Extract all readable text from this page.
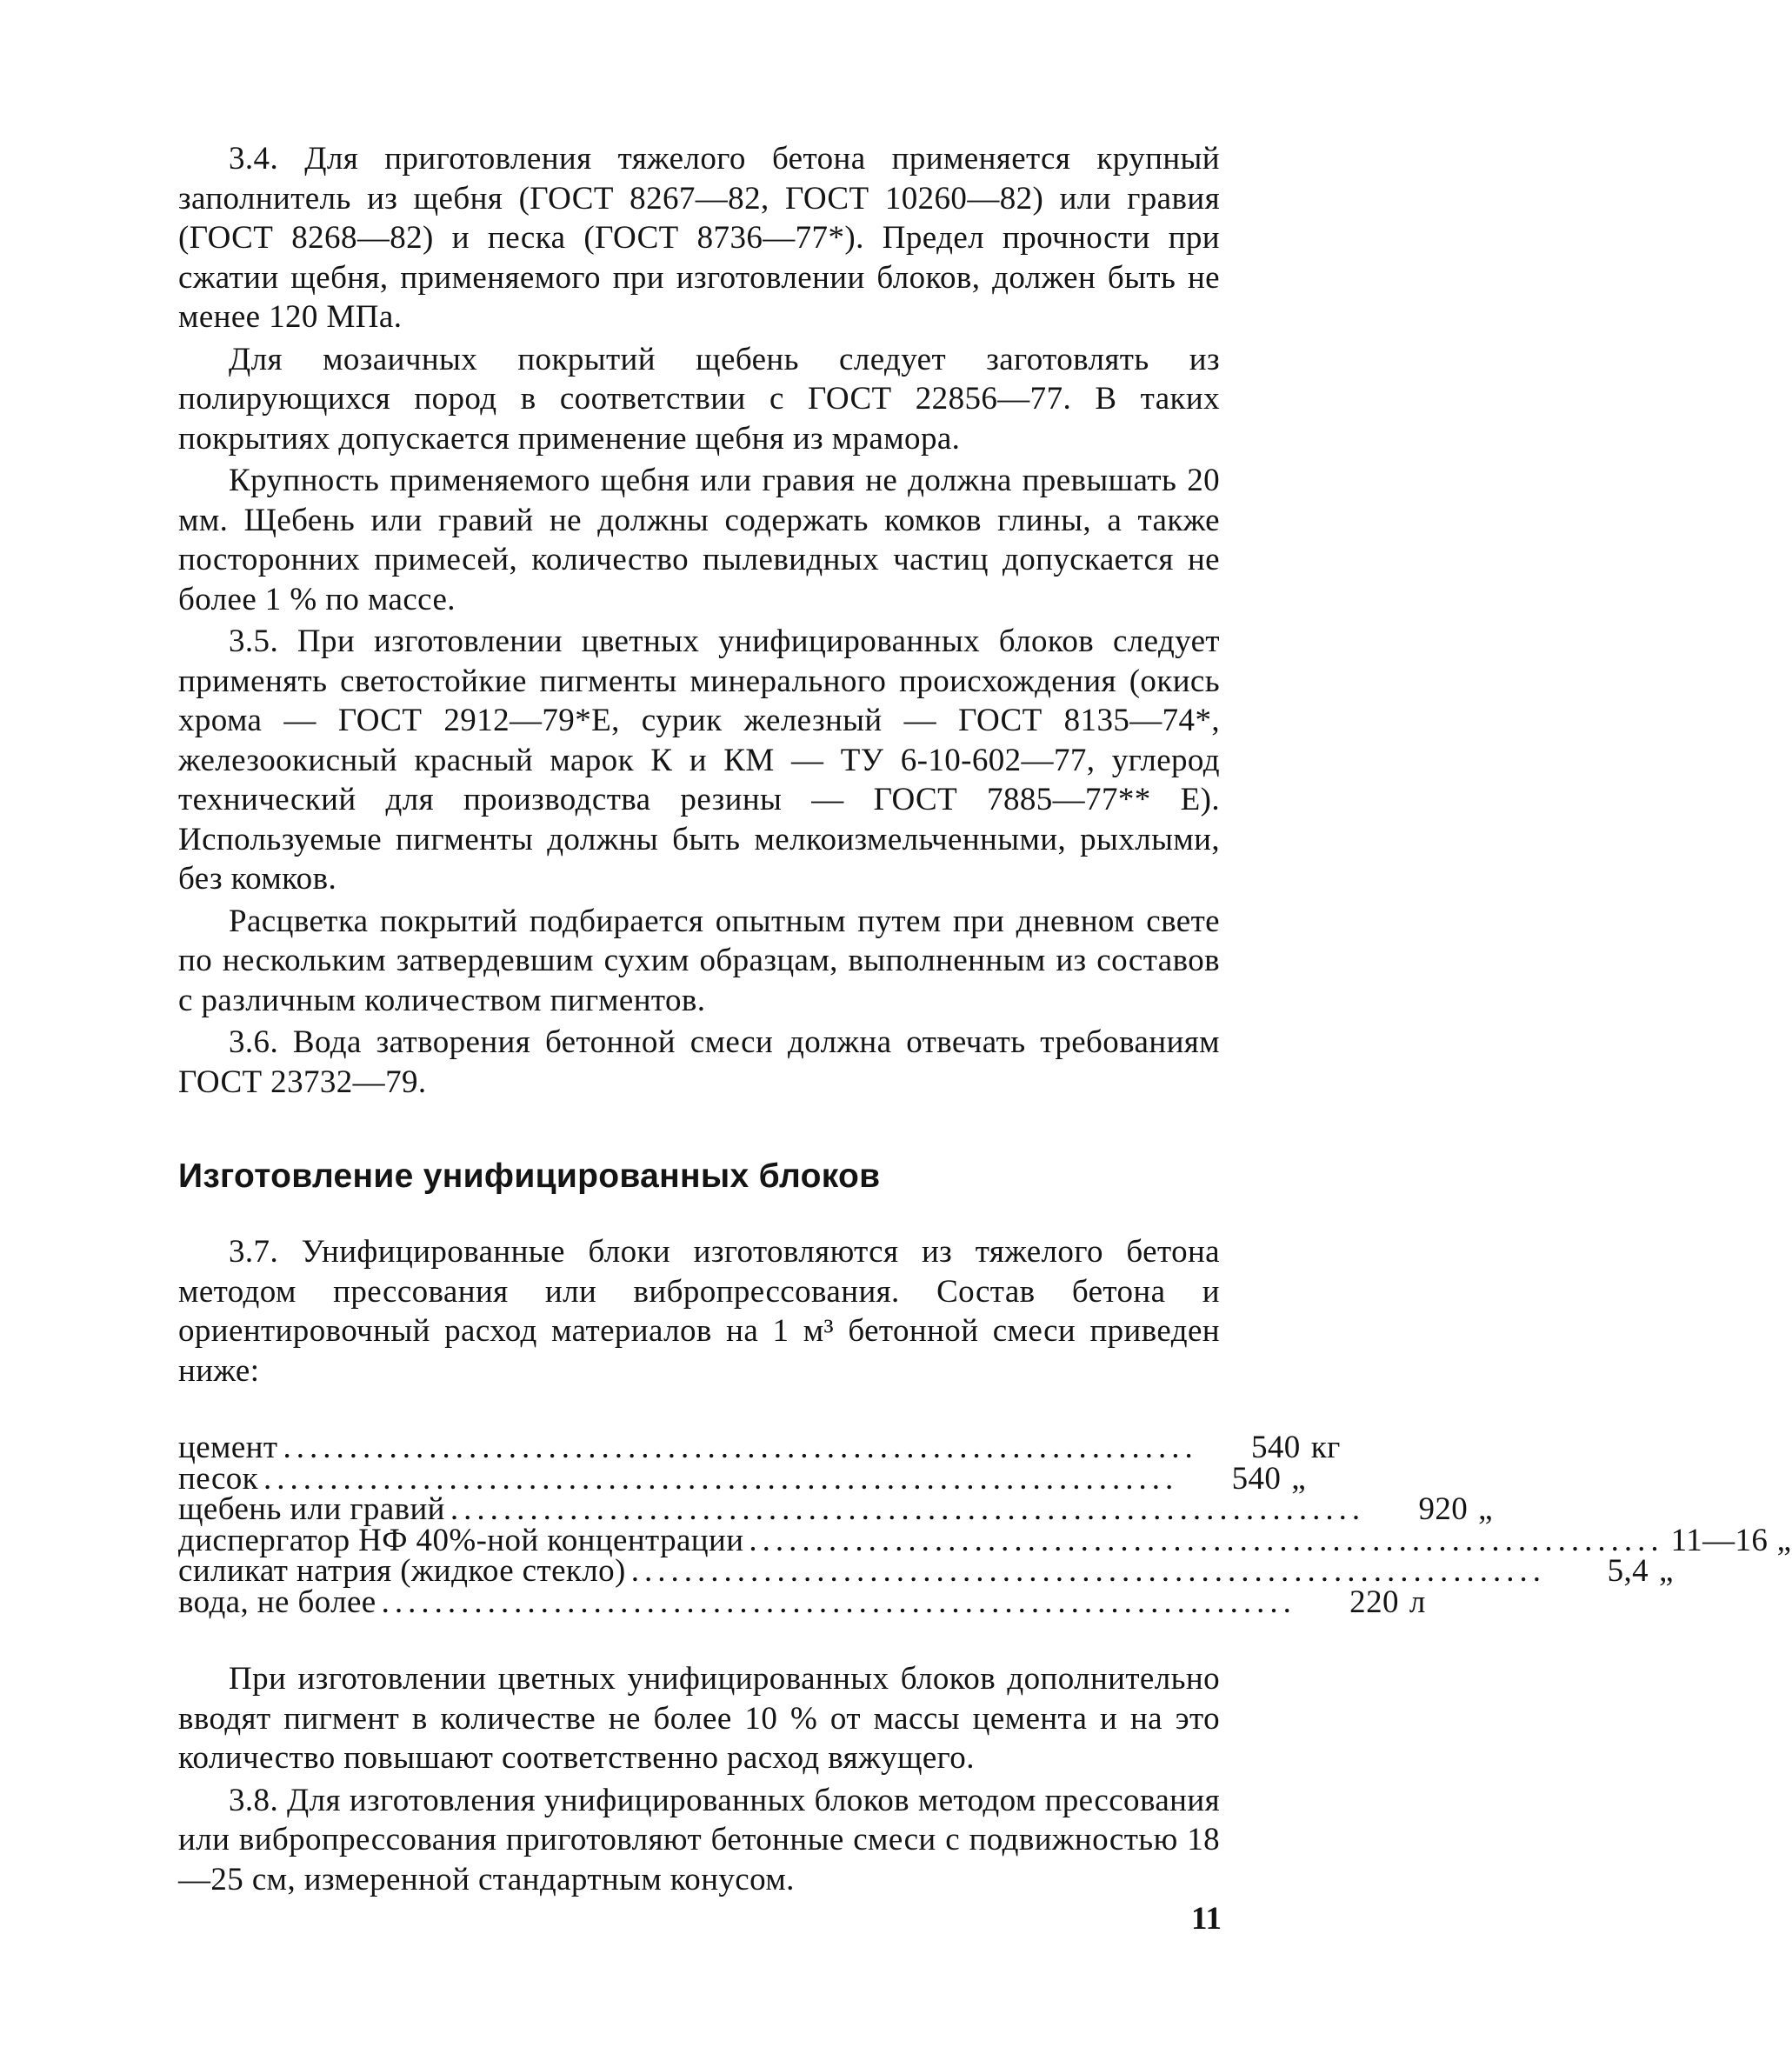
3.4. Для приготовления тяжелого бетона применяется крупный заполнитель из щебня (ГОСТ 8267—82, ГОСТ 10260—82) или гравия (ГОСТ 8268—82) и песка (ГОСТ 8736—77*). Предел прочности при сжатии щебня, применяемого при изготовлении блоков, должен быть не менее 120 МПа.

Для мозаичных покрытий щебень следует заготовлять из полирующихся пород в соответствии с ГОСТ 22856—77. В таких покрытиях допускается применение щебня из мрамора.

Крупность применяемого щебня или гравия не должна превышать 20 мм. Щебень или гравий не должны содержать комков глины, а также посторонних примесей, количество пылевидных частиц допускается не более 1 % по массе.

3.5. При изготовлении цветных унифицированных блоков следует применять светостойкие пигменты минерального происхождения (окись хрома — ГОСТ 2912—79*Е, сурик железный — ГОСТ 8135—74*, железоокисный красный марок К и КМ — ТУ 6-10-602—77, углерод технический для производства резины — ГОСТ 7885—77** Е). Используемые пигменты должны быть мелкоизмельченными, рыхлыми, без комков.

Расцветка покрытий подбирается опытным путем при дневном свете по нескольким затвердевшим сухим образцам, выполненным из составов с различным количеством пигментов.

3.6. Вода затворения бетонной смеси должна отвечать требованиям ГОСТ 23732—79.

Изготовление унифицированных блоков

3.7. Унифицированные блоки изготовляются из тяжелого бетона методом прессования или вибропрессования. Состав бетона и ориентировочный расход материалов на 1 м³ бетонной смеси приведен ниже:

цемент .....................................................................	540 кг
песок .....................................................................	540 „
щебень или гравий .....................................................................	920 „
диспергатор НФ 40%-ной концентрации ..................................................................... 11—16 „
силикат натрия (жидкое стекло) .....................................................................	5,4 „
вода, не более .....................................................................	220 л

При изготовлении цветных унифицированных блоков дополнительно вводят пигмент в количестве не более 10 % от массы цемента и на это количество повышают соответственно расход вяжущего.

3.8. Для изготовления унифицированных блоков методом прессования или вибропрессования приготовляют бетонные смеси с подвижностью 18—25 см, измеренной стандартным конусом.

11
